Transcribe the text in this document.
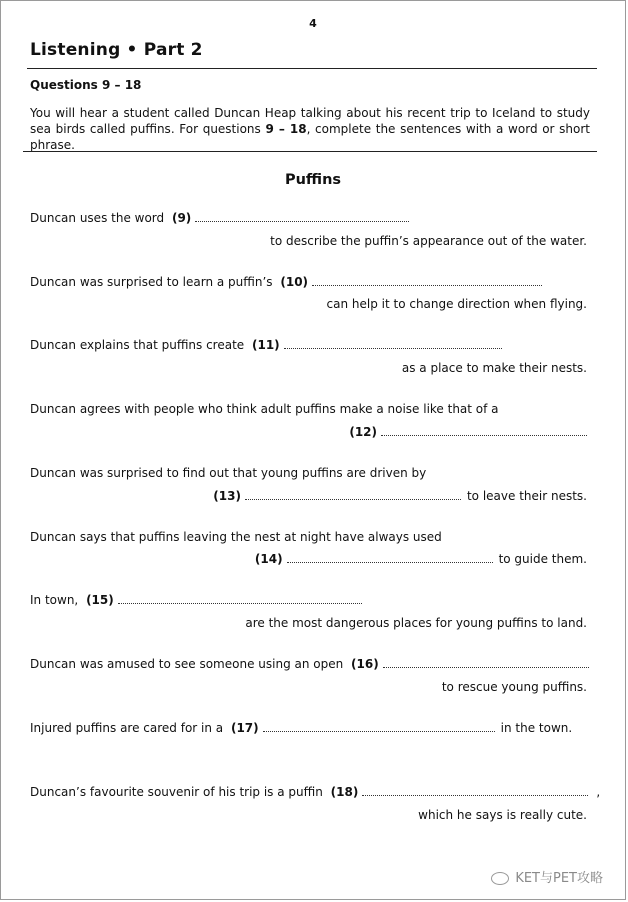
4
Listening • Part 2
Questions 9 – 18
You will hear a student called Duncan Heap talking about his recent trip to Iceland to study sea birds called puffins. For questions 9 – 18, complete the sentences with a word or short phrase.
Puffins
Duncan uses the word (9)
to describe the puffin’s appearance out of the water.
Duncan was surprised to learn a puffin’s (10)
can help it to change direction when flying.
Duncan explains that puffins create (11)
as a place to make their nests.
Duncan agrees with people who think adult puffins make a noise like that of a
(12)
Duncan was surprised to find out that young puffins are driven by
(13)	to leave their nests.
Duncan says that puffins leaving the nest at night have always used
(14)	to guide them.
In town, (15)
are the most dangerous places for young puffins to land.
Duncan was amused to see someone using an open (16)
to rescue young puffins.
Injured puffins are cared for in a (17)	in the town.
Duncan’s favourite souvenir of his trip is a puffin (18)	,
which he says is really cute.
KET与PET攻略
